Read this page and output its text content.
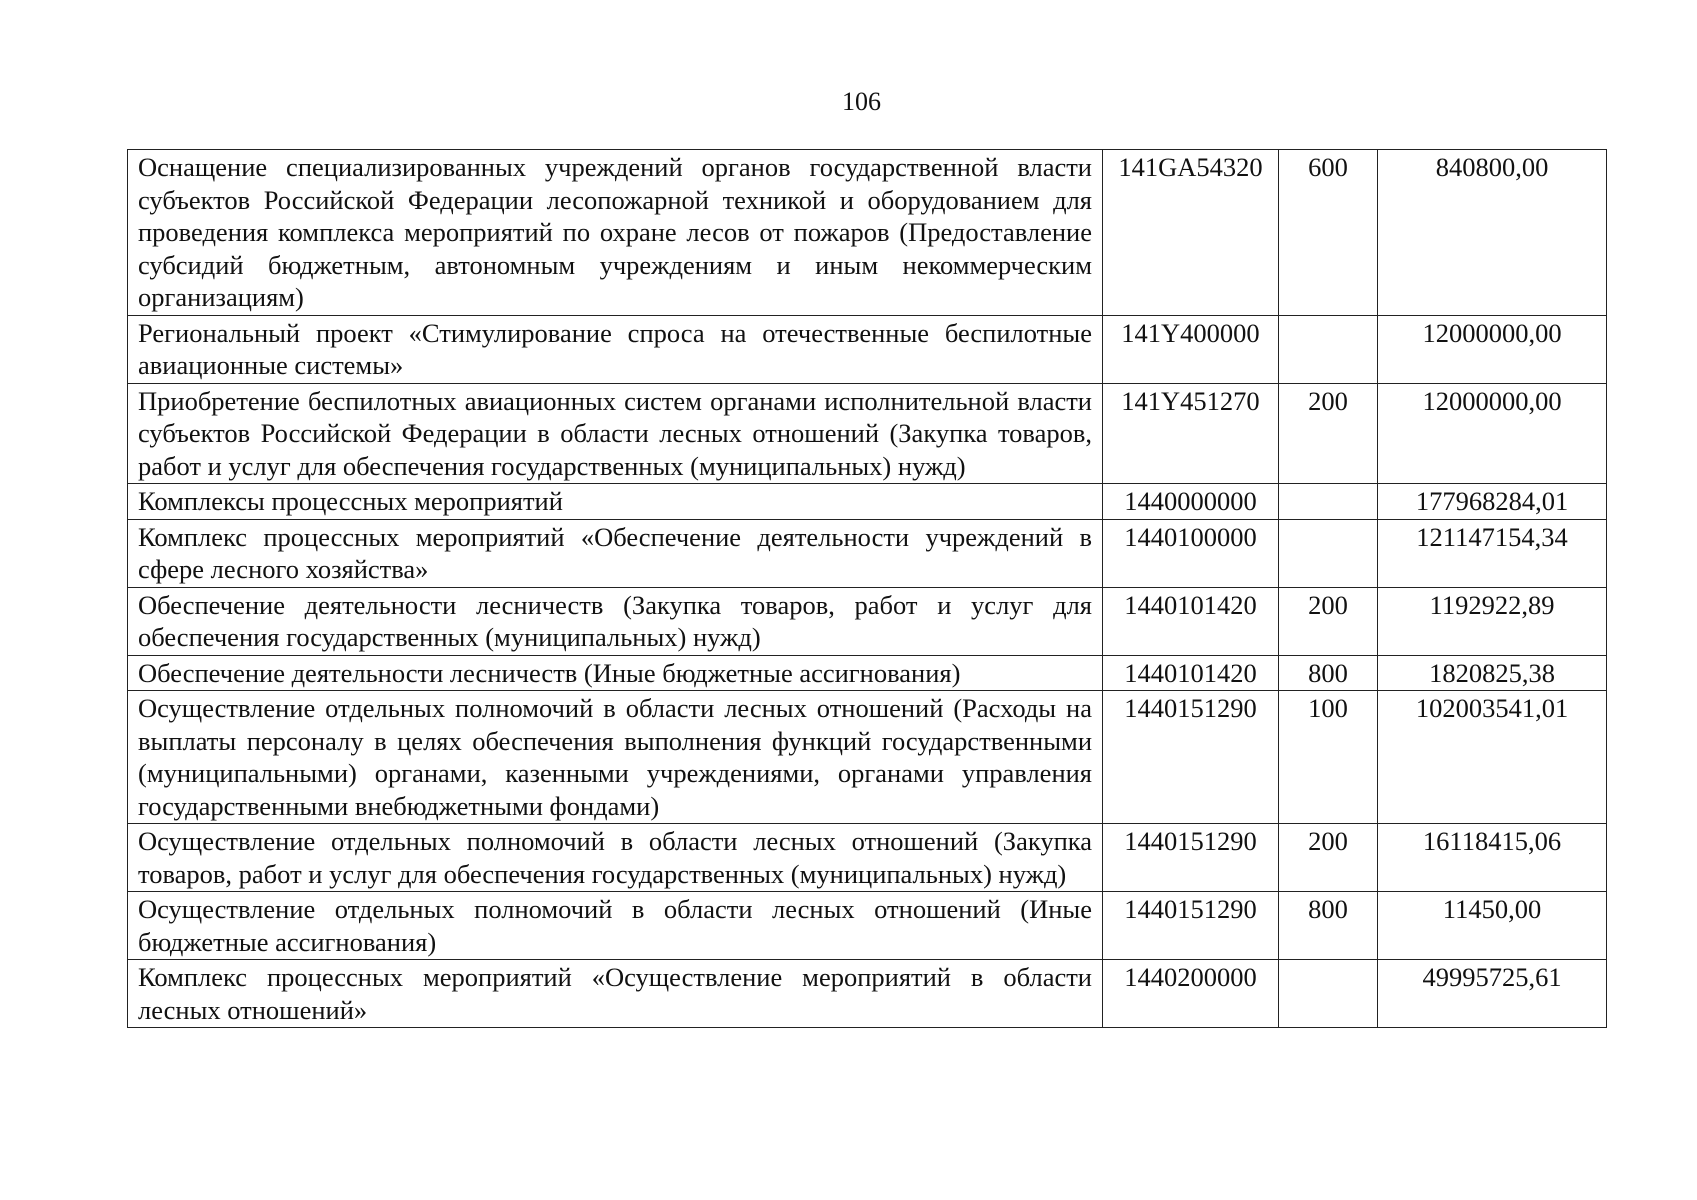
106
Оснащение специализированных учреждений органов государственной власти субъектов Российской Федерации лесопожарной техникой и оборудованием для проведения комплекса мероприятий по охране лесов от пожаров (Предоставление субсидий бюджетным, автономным учреждениям и иным некоммерческим организациям)	141GA54320	600	840800,00
Региональный проект «Стимулирование спроса на отечественные беспилотные авиационные системы»	141Y400000		12000000,00
Приобретение беспилотных авиационных систем органами исполнительной власти субъектов Российской Федерации в области лесных отношений (Закупка товаров, работ и услуг для обеспечения государственных (муниципальных) нужд)	141Y451270	200	12000000,00
Комплексы процессных мероприятий	1440000000		177968284,01
Комплекс процессных мероприятий «Обеспечение деятельности учреждений в сфере лесного хозяйства»	1440100000		121147154,34
Обеспечение деятельности лесничеств (Закупка товаров, работ и услуг для обеспечения государственных (муниципальных) нужд)	1440101420	200	1192922,89
Обеспечение деятельности лесничеств (Иные бюджетные ассигнования)	1440101420	800	1820825,38
Осуществление отдельных полномочий в области лесных отношений (Расходы на выплаты персоналу в целях обеспечения выполнения функций государственными (муниципальными) органами, казенными учреждениями, органами управления государственными внебюджетными фондами)	1440151290	100	102003541,01
Осуществление отдельных полномочий в области лесных отношений (Закупка товаров, работ и услуг для обеспечения государственных (муниципальных) нужд)	1440151290	200	16118415,06
Осуществление отдельных полномочий в области лесных отношений (Иные бюджетные ассигнования)	1440151290	800	11450,00
Комплекс процессных мероприятий «Осуществление мероприятий в области лесных отношений»	1440200000		49995725,61
